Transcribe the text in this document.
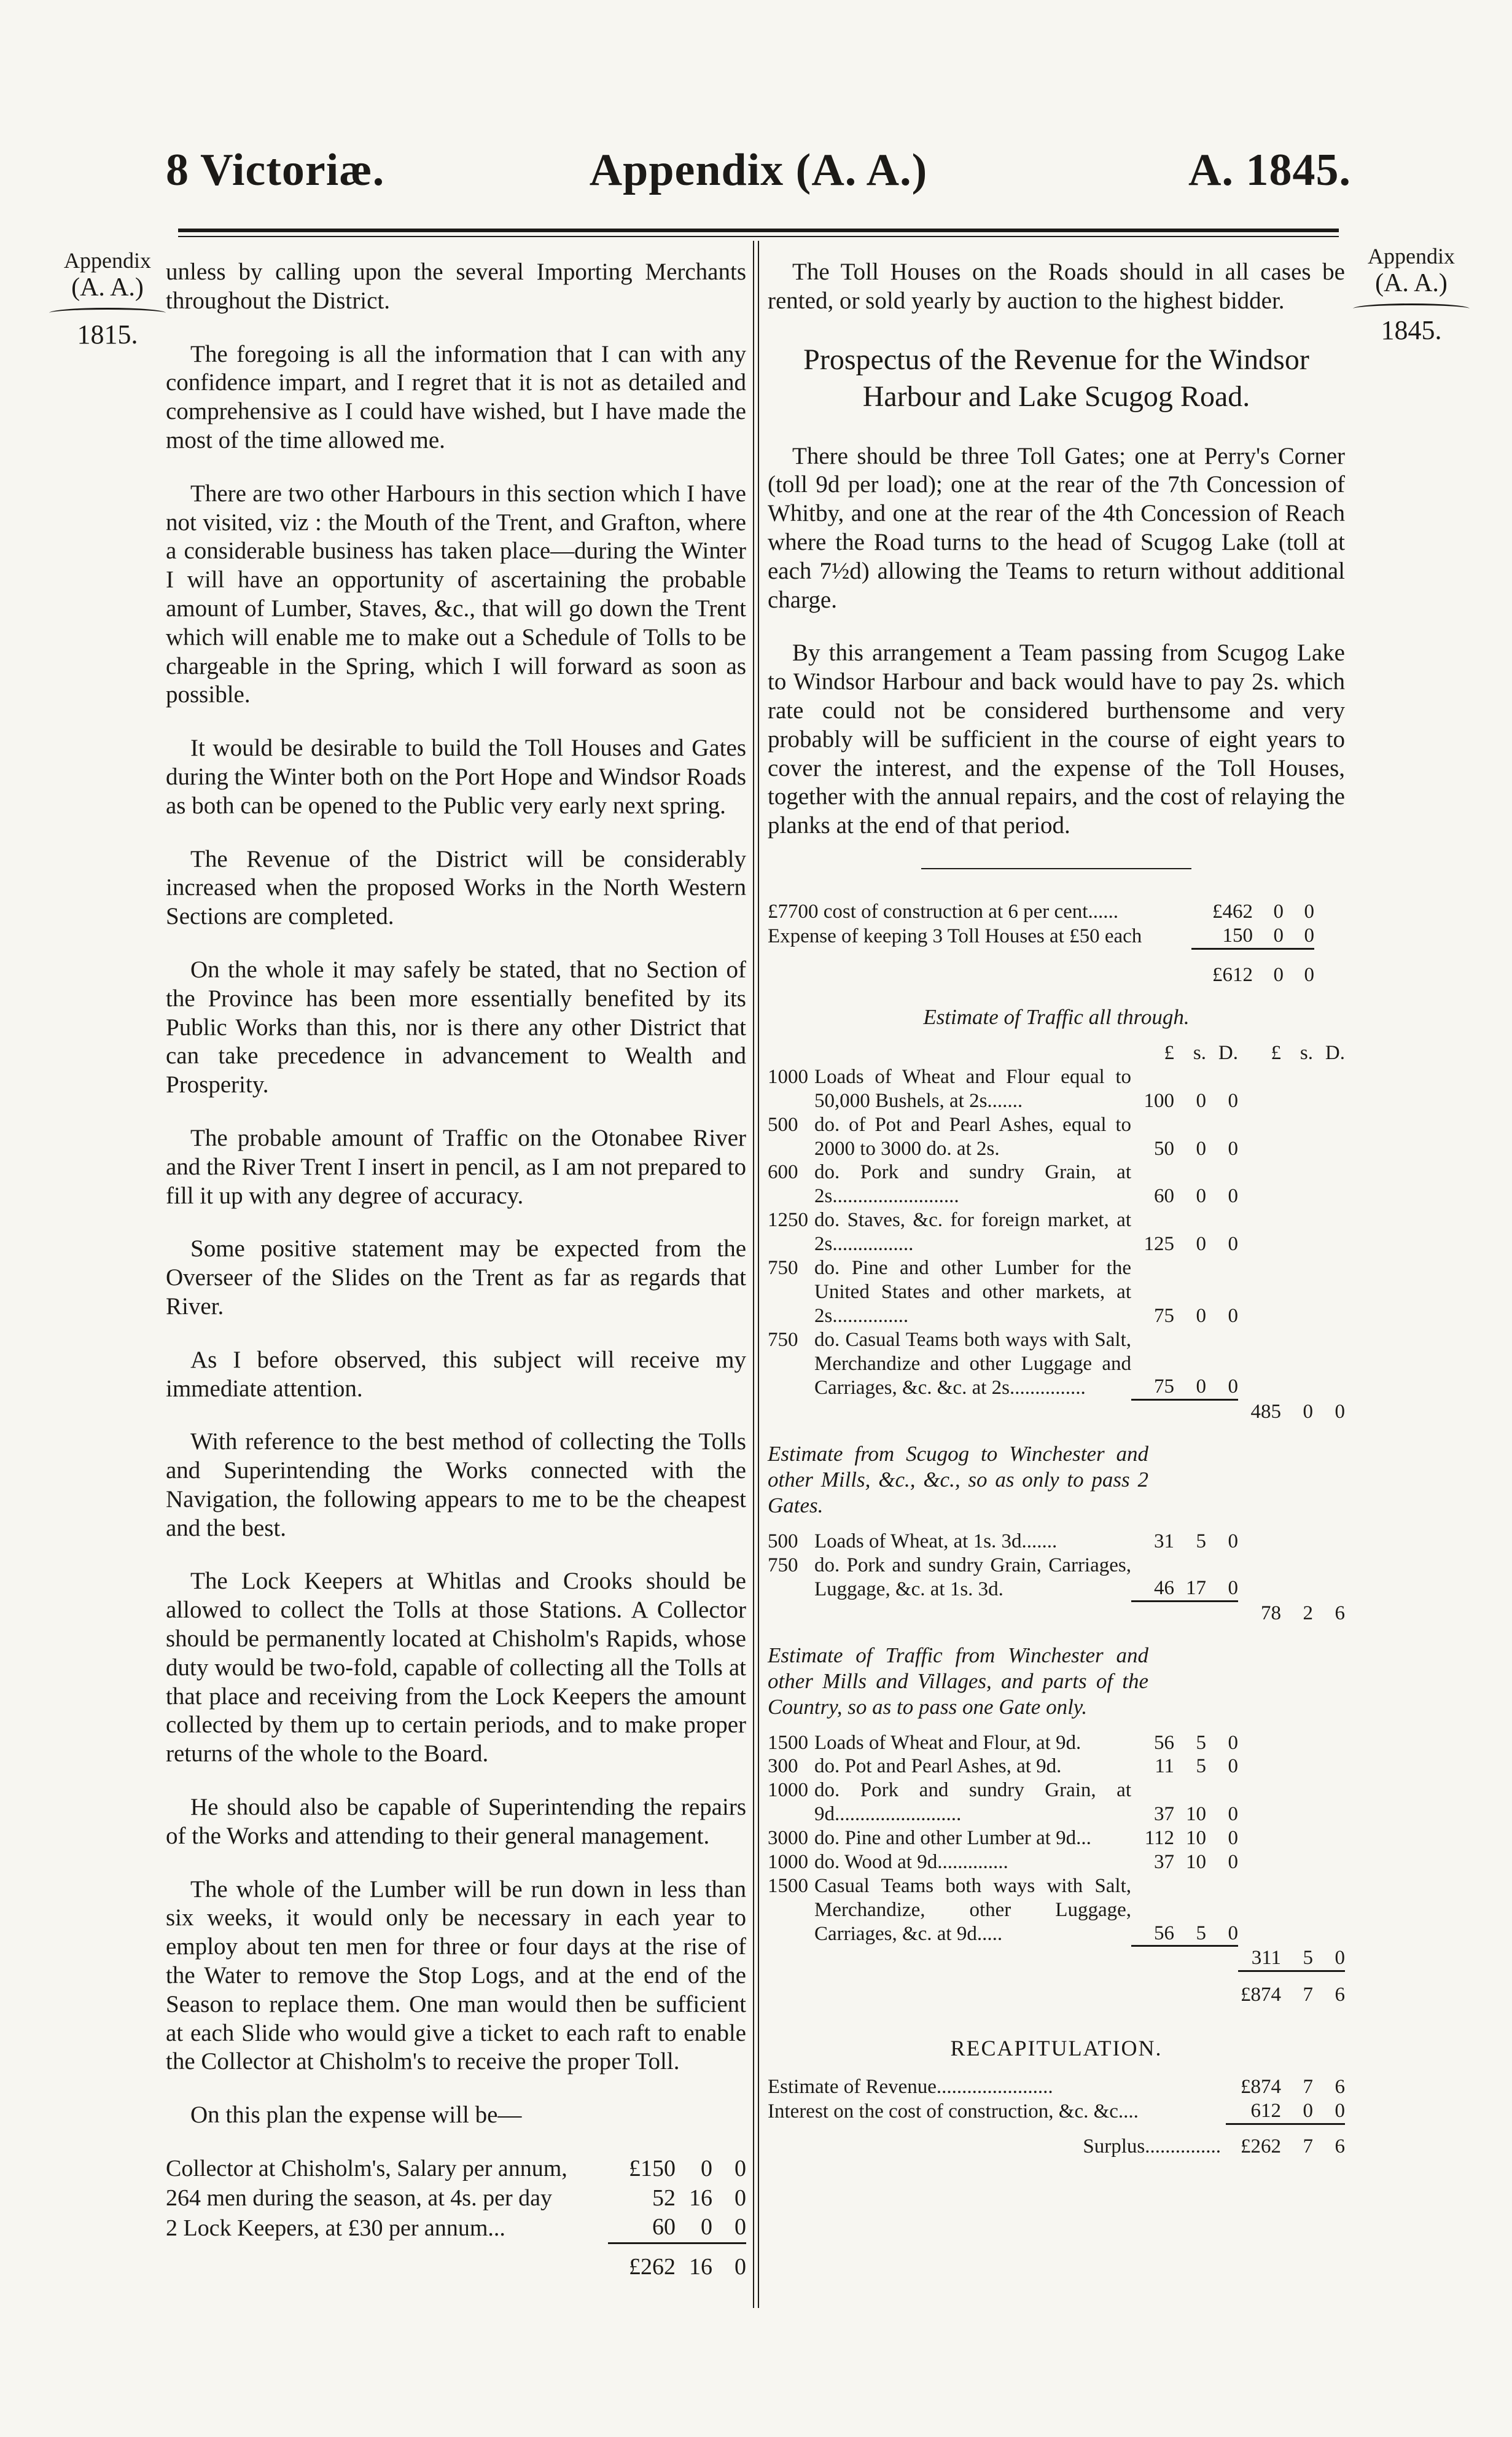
Appendix (A. A.)
8 Victoriæ.	A. 1845.
Appendix
(A. A.)
1815.
Appendix
(A. A.)
1845.

unless by calling upon the several Importing Merchants throughout the District.

The foregoing is all the information that I can with any confidence impart, and I regret that it is not as detailed and comprehensive as I could have wished, but I have made the most of the time allowed me.

There are two other Harbours in this section which I have not visited, viz : the Mouth of the Trent, and Grafton, where a considerable business has taken place—during the Winter I will have an opportunity of ascertaining the probable amount of Lumber, Staves, &c., that will go down the Trent which will enable me to make out a Schedule of Tolls to be chargeable in the Spring, which I will forward as soon as possible.

It would be desirable to build the Toll Houses and Gates during the Winter both on the Port Hope and Windsor Roads as both can be opened to the Public very early next spring.

The Revenue of the District will be considerably increased when the proposed Works in the North Western Sections are completed.

On the whole it may safely be stated, that no Section of the Province has been more essentially benefited by its Public Works than this, nor is there any other District that can take precedence in advancement to Wealth and Prosperity.

The probable amount of Traffic on the Otonabee River and the River Trent I insert in pencil, as I am not prepared to fill it up with any degree of accuracy.

Some positive statement may be expected from the Overseer of the Slides on the Trent as far as regards that River.

As I before observed, this subject will receive my immediate attention.

With reference to the best method of collecting the Tolls and Superintending the Works connected with the Navigation, the following appears to me to be the cheapest and the best.

The Lock Keepers at Whitlas and Crooks should be allowed to collect the Tolls at those Stations. A Collector should be permanently located at Chisholm's Rapids, whose duty would be two-fold, capable of collecting all the Tolls at that place and receiving from the Lock Keepers the amount collected by them up to certain periods, and to make proper returns of the whole to the Board.

He should also be capable of Superintending the repairs of the Works and attending to their general management.

The whole of the Lumber will be run down in less than six weeks, it would only be necessary in each year to employ about ten men for three or four days at the rise of the Water to remove the Stop Logs, and at the end of the Season to replace them. One man would then be sufficient at each Slide who would give a ticket to each raft to enable the Collector at Chisholm's to receive the proper Toll.

On this plan the expense will be—

Collector at Chisholm's, Salary per annum,	£150	0	0
264 men during the season, at 4s. per day	52	16	0
2 Lock Keepers, at £30 per annum...	60	0	0
	£262	16	0

The Toll Houses on the Roads should in all cases be rented, or sold yearly by auction to the highest bidder.

Prospectus of the Revenue for the Windsor Harbour and Lake Scugog Road.

There should be three Toll Gates; one at Perry's Corner (toll 9d per load); one at the rear of the 7th Concession of Whitby, and one at the rear of the 4th Concession of Reach where the Road turns to the head of Scugog Lake (toll at each 7½d) allowing the Teams to return without additional charge.

By this arrangement a Team passing from Scugog Lake to Windsor Harbour and back would have to pay 2s. which rate could not be considered burthensome and very probably will be sufficient in the course of eight years to cover the interest, and the expense of the Toll Houses, together with the annual repairs, and the cost of relaying the planks at the end of that period.

£7700 cost of construction at 6 per cent......	£462	0	0	
Expense of keeping 3 Toll Houses at £50 each	150	0	0	
	£612	0	0	
Estimate of Traffic all through.
		£	s.	D.	£	s.	D.
1000	Loads of Wheat and Flour equal to 50,000 Bushels, at 2s.......	100	0	0			
500	do. of Pot and Pearl Ashes, equal to 2000 to 3000 do. at 2s.	50	0	0			
600	do. Pork and sundry Grain, at 2s.........................	60	0	0			
1250	do. Staves, &c. for foreign market, at 2s................	125	0	0			
750	do. Pine and other Lumber for the United States and other markets, at 2s...............	75	0	0			
750	do. Casual Teams both ways with Salt, Merchandize and other Luggage and Carriages, &c. &c. at 2s...............	75	0	0			
					485	0	0
Estimate from Scugog to Winchester and other Mills, &c., &c., so as only to pass 2 Gates.
500	Loads of Wheat, at 1s. 3d.......	31	5	0			
750	do. Pork and sundry Grain, Carriages, Luggage, &c. at 1s. 3d.	46	17	0			
					78	2	6
Estimate of Traffic from Winchester and other Mills and Villages, and parts of the Country, so as to pass one Gate only.
1500	Loads of Wheat and Flour, at 9d.	56	5	0			
300	do. Pot and Pearl Ashes, at 9d.	11	5	0			
1000	do. Pork and sundry Grain, at 9d.........................	37	10	0			
3000	do. Pine and other Lumber at 9d...	112	10	0			
1000	do. Wood at 9d..............	37	10	0			
1500	Casual Teams both ways with Salt, Merchandize, other Luggage, Carriages, &c. at 9d.....	56	5	0			
					311	5	0
					£874	7	6
RECAPITULATION.
Estimate of Revenue.......................	£874	7	6
Interest on the cost of construction, &c. &c....	612	0	0
Surplus...............	£262	7	6
